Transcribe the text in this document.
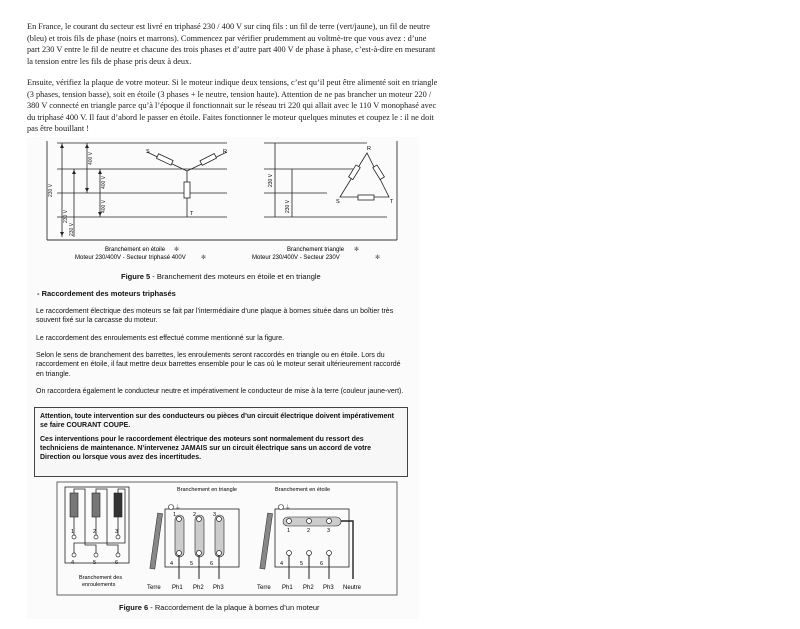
En France, le courant du secteur est livré en triphasé 230 / 400 V sur cinq fils : un fil de terre (vert/jaune), un fil de neutre (bleu) et trois fils de phase (noirs et marrons). Commencez par vérifier prudemment au voltmè-tre que vous avez : d’une part 230 V entre le fil de neutre et chacune des trois phases et d’autre part 400 V de phase à phase, c’est-à-dire en mesurant la tension entre les fils de phase pris deux à deux.

Ensuite, vérifiez la plaque de votre moteur. Si le moteur indique deux tensions, c’est qu’il peut être alimenté soit en triangle (3 phases, tension basse), soit en étoile (3 phases + le neutre, tension haute). Attention de ne pas brancher un moteur 220 / 380 V connecté en triangle parce qu’à l’époque il fonctionnait sur le réseau tri 220 qui allait avec le 110 V monophasé avec du triphasé 400 V. Il faut d’abord le passer en étoile. Faites fonctionner le moteur quelques minutes et coupez le : il ne doit pas être bouillant !

230 V
230 V
230 V
400 V
400 V
400 V
S	R
T
230 V
230 V
R
S	T
Branchement en étoile
Moteur 230/400V - Secteur triphasé 400V
Branchement triangle
Moteur 230/400V - Secteur 230V
✻
✻
✻
✻
Figure 5 - Branchement des moteurs en étoile et en triangle
- Raccordement des moteurs triphasés

Le raccordement électrique des moteurs se fait par l’intermédiaire d’une plaque à bornes située dans un boîtier très souvent fixé sur la carcasse du moteur.

Le raccordement des enroulements est effectué comme mentionné sur la figure.

Selon le sens de branchement des barrettes, les enroulements seront raccordés en triangle ou en étoile. Lors du raccordement en étoile, il faut mettre deux barrettes ensemble pour le cas où le moteur serait ultérieurement raccordé en triangle.

On raccordera également le conducteur neutre et impérativement le conducteur de mise à la terre (couleur jaune-vert).

Attention, toute intervention sur des conducteurs ou pièces d’un circuit électrique doivent impérativement se faire COURANT COUPE.

Ces interventions pour le raccordement électrique des moteurs sont normalement du ressort des techniciens de maintenance. N’intervenez JAMAIS sur un circuit électrique sans un accord de votre Direction ou lorsque vous avez des incertitudes.

1	2	3
4	5	6
Branchement des
enroulements
Branchement en triangle
⏚
1	2	3
4	5	6
Terre Ph1 Ph2 Ph3
Branchement en étoile
⏚
1	2	3
4	5	6
Terre Ph1 Ph2 Ph3 Neutre
Figure 6 - Raccordement de la plaque à bornes d’un moteur
